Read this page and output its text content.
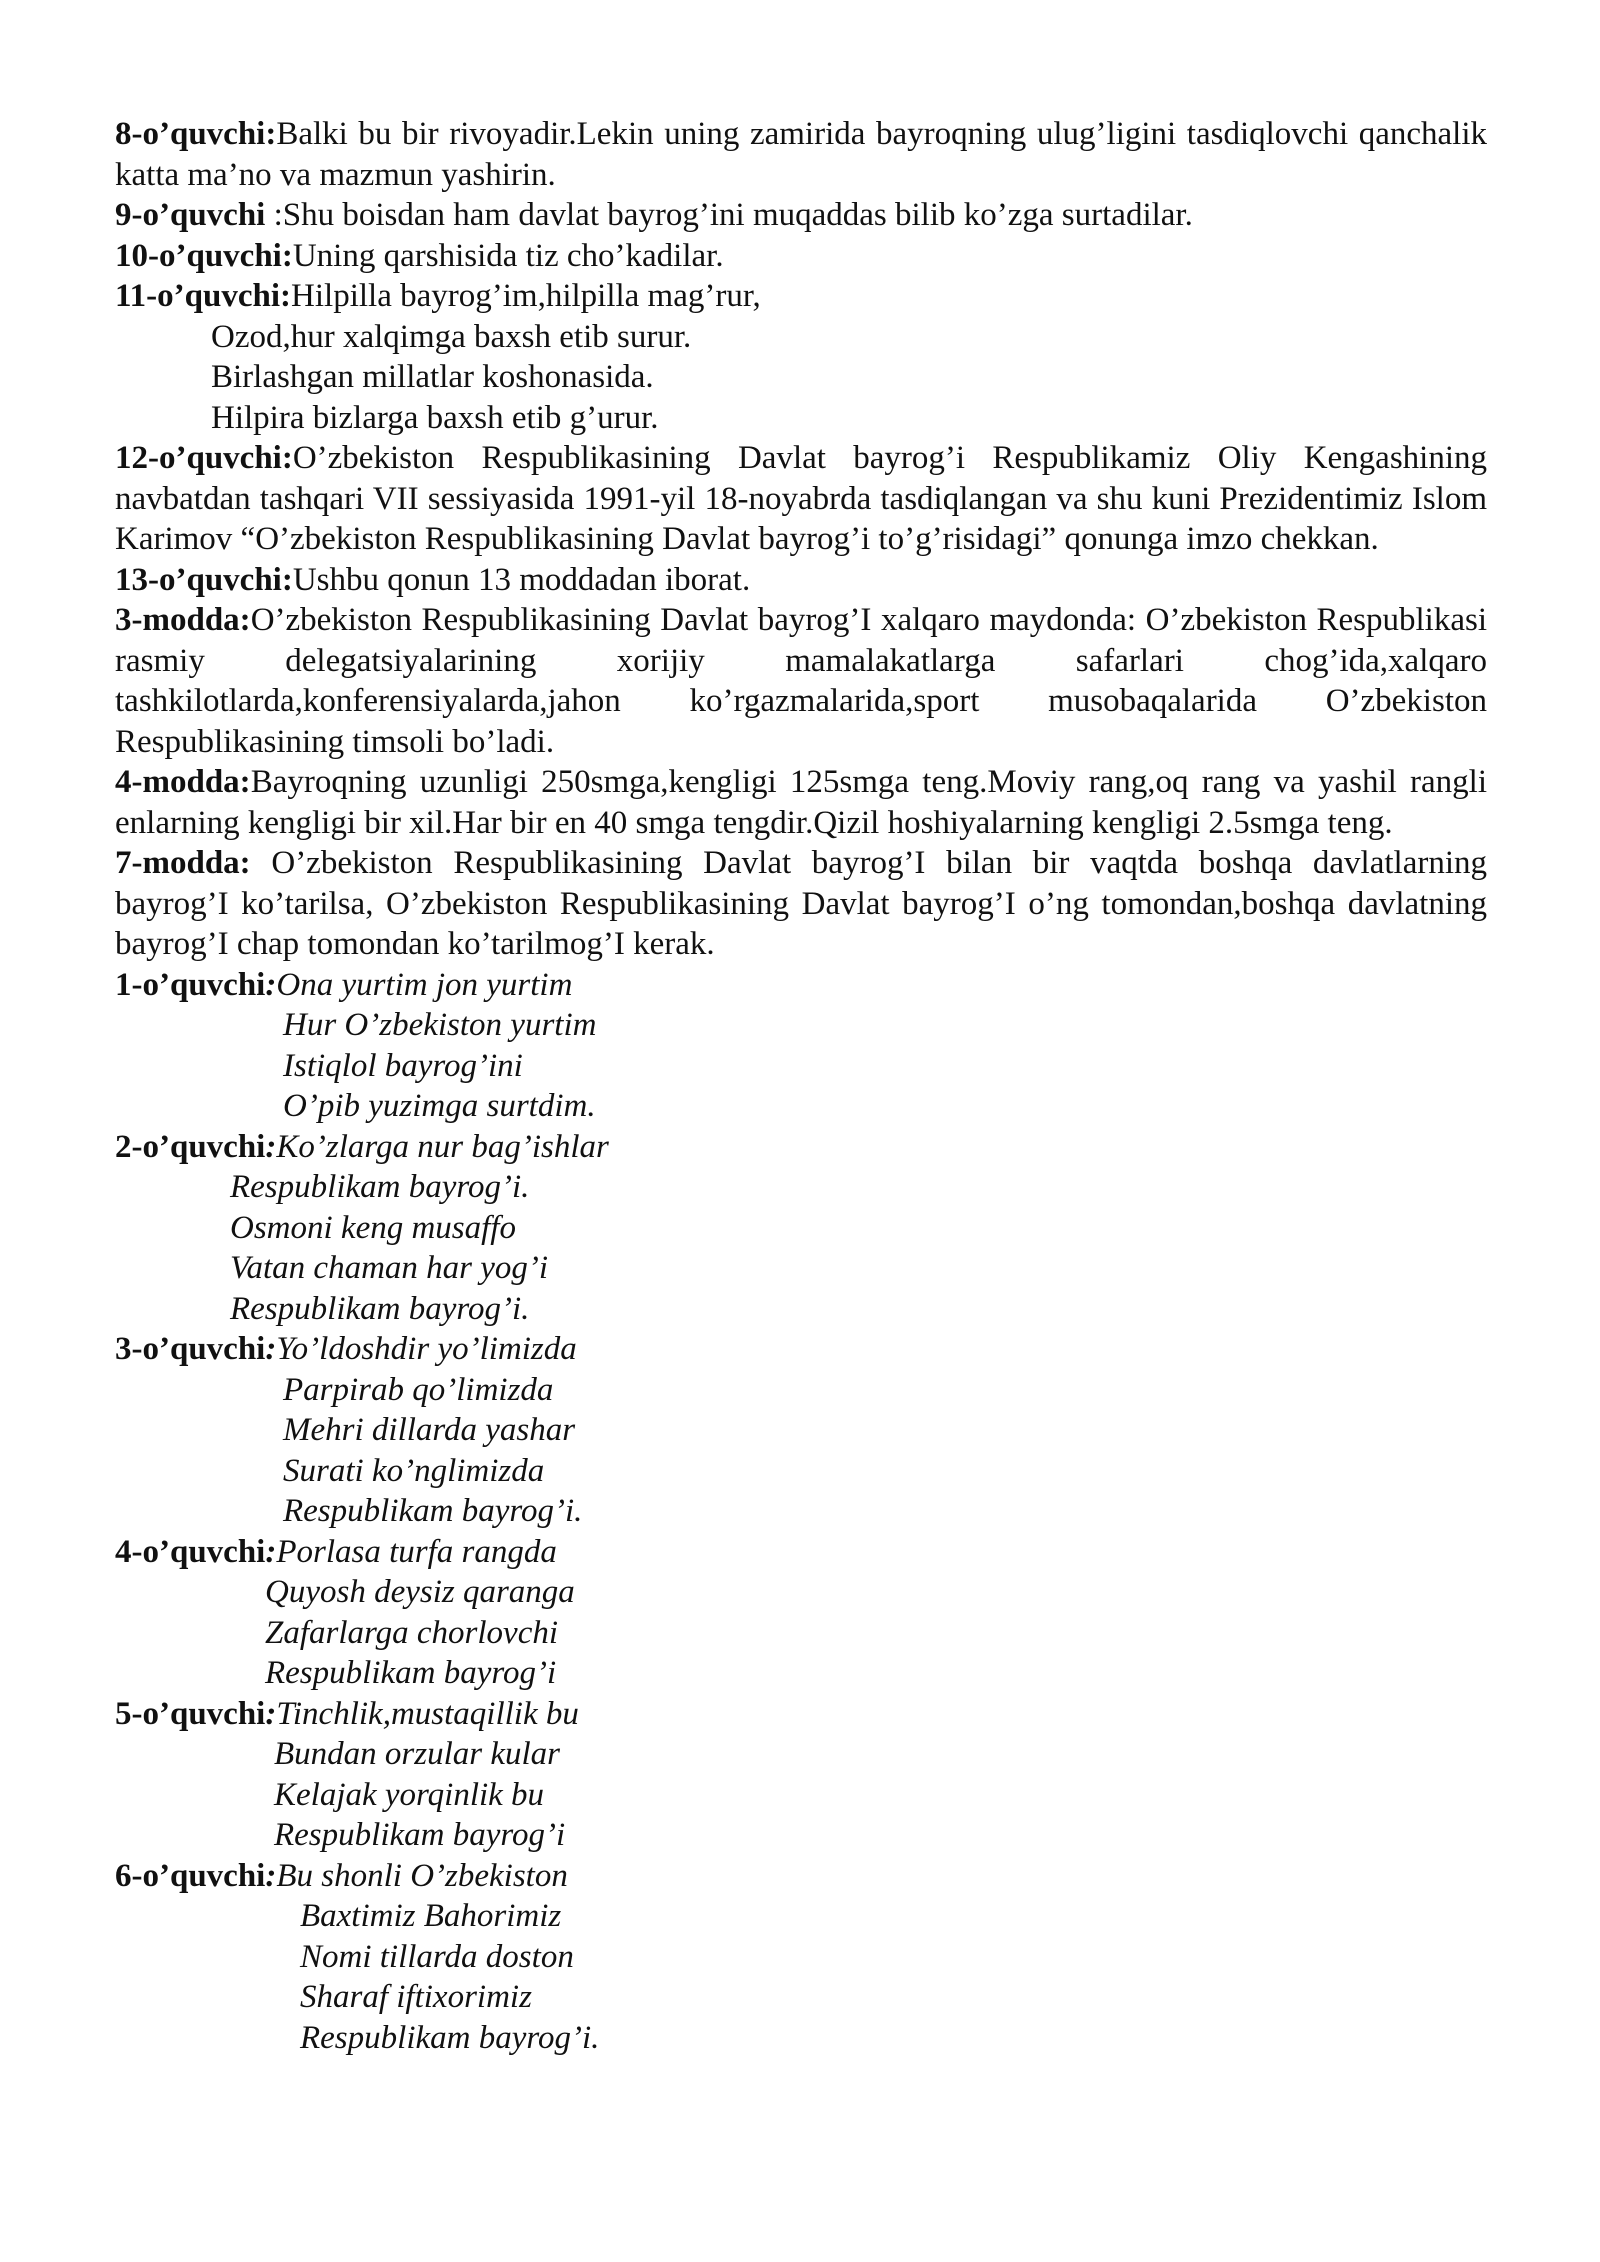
8-o’quvchi:Balki bu bir rivoyadir.Lekin uning zamirida bayroqning ulug’ligini tasdiqlovchi qanchalik katta ma’no va mazmun yashirin.

9-o’quvchi :Shu boisdan ham davlat bayrog’ini muqaddas bilib ko’zga surtadilar.

10-o’quvchi:Uning qarshisida tiz cho’kadilar.

11-o’quvchi:Hilpilla bayrog’im,hilpilla mag’rur,

Ozod,hur xalqimga baxsh etib surur.

Birlashgan millatlar koshonasida.

Hilpira bizlarga baxsh etib g’urur.

12-o’quvchi:O’zbekiston Respublikasining Davlat bayrog’i Respublikamiz Oliy Kengashining navbatdan tashqari VII sessiyasida 1991-yil 18-noyabrda tasdiqlangan va shu kuni Prezidentimiz Islom Karimov “O’zbekiston Respublikasining Davlat bayrog’i to’g’risidagi” qonunga imzo chekkan.

13-o’quvchi:Ushbu qonun 13 moddadan iborat.

3-modda:O’zbekiston Respublikasining Davlat bayrog’I xalqaro maydonda: O’zbekiston Respublikasi rasmiy delegatsiyalarining xorijiy mamalakatlarga safarlari chog’ida,xalqaro tashkilotlarda,konferensiyalarda,jahon ko’rgazmalarida,sport musobaqalarida O’zbekiston Respublikasining timsoli bo’ladi.

4-modda:Bayroqning uzunligi 250smga,kengligi 125smga teng.Moviy rang,oq rang va yashil rangli enlarning kengligi bir xil.Har bir en 40 smga tengdir.Qizil hoshiyalarning kengligi 2.5smga teng.

7-modda: O’zbekiston Respublikasining Davlat bayrog’I bilan bir vaqtda boshqa davlatlarning bayrog’I ko’tarilsa, O’zbekiston Respublikasining Davlat bayrog’I o’ng tomondan,boshqa davlatning bayrog’I chap tomondan ko’tarilmog’I kerak.

1-o’quvchi:Ona yurtim jon yurtim

Hur O’zbekiston yurtim

Istiqlol bayrog’ini

O’pib yuzimga surtdim.

2-o’quvchi:Ko’zlarga nur bag’ishlar

Respublikam bayrog’i.

Osmoni keng musaffo

Vatan chaman har yog’i

Respublikam bayrog’i.

3-o’quvchi:Yo’ldoshdir yo’limizda

Parpirab qo’limizda

Mehri dillarda yashar

Surati ko’nglimizda

Respublikam bayrog’i.

4-o’quvchi:Porlasa turfa rangda

Quyosh deysiz qaranga

Zafarlarga chorlovchi

Respublikam bayrog’i

5-o’quvchi:Tinchlik,mustaqillik bu

Bundan orzular kular

Kelajak yorqinlik bu

Respublikam bayrog’i

6-o’quvchi:Bu shonli O’zbekiston

Baxtimiz Bahorimiz

Nomi tillarda doston

Sharaf iftixorimiz

Respublikam bayrog’i.
